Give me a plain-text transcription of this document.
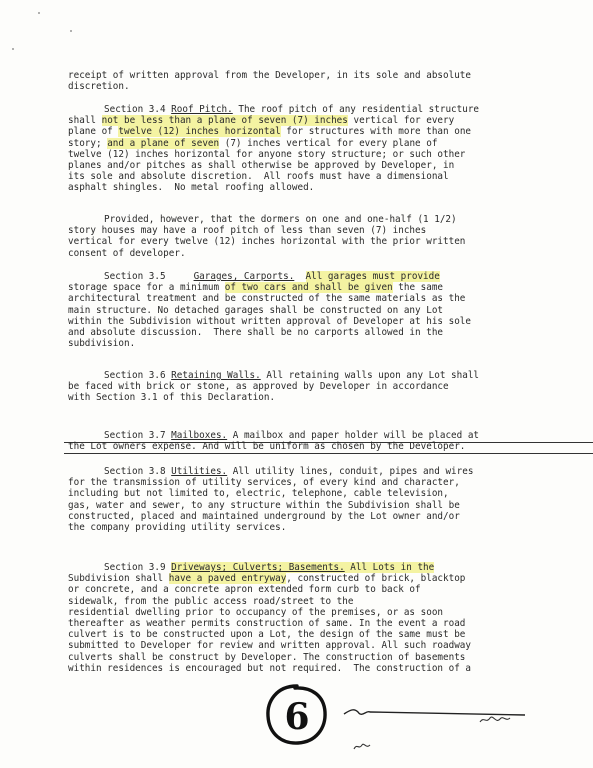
6

receipt of written approval from the Developer, in its sole and absolute

discretion.

Section 3.4 Roof Pitch. The roof pitch of any residential structure

shall not be less than a plane of seven (7) inches vertical for every

plane of twelve (12) inches horizontal for structures with more than one

story; and a plane of seven (7) inches vertical for every plane of

twelve (12) inches horizontal for anyone story structure; or such other

planes and/or pitches as shall otherwise be approved by Developer, in

its sole and absolute discretion.  All roofs must have a dimensional

asphalt shingles.  No metal roofing allowed.

Provided, however, that the dormers on one and one-half (1 1/2)

story houses may have a roof pitch of less than seven (7) inches

vertical for every twelve (12) inches horizontal with the prior written

consent of developer.

Section 3.5     Garages, Carports. All garages must provide

storage space for a minimum of two cars and shall be given the same

architectural treatment and be constructed of the same materials as the

main structure. No detached garages shall be constructed on any Lot

within the Subdivision without written approval of Developer at his sole

and absolute discussion.  There shall be no carports allowed in the

subdivision.

Section 3.6 Retaining Walls. All retaining walls upon any Lot shall

be faced with brick or stone, as approved by Developer in accordance

with Section 3.1 of this Declaration.

Section 3.7 Mailboxes. A mailbox and paper holder will be placed at

the Lot owners expense. And will be uniform as chosen by the Developer.

Section 3.8 Utilities. All utility lines, conduit, pipes and wires

for the transmission of utility services, of every kind and character,

including but not limited to, electric, telephone, cable television,

gas, water and sewer, to any structure within the Subdivision shall be

constructed, placed and maintained underground by the Lot owner and/or

the company providing utility services.

Section 3.9 Driveways; Culverts; Basements. All Lots in the

Subdivision shall have a paved entryway, constructed of brick, blacktop

or concrete, and a concrete apron extended form curb to back of

sidewalk, from the public access road/street to the

residential dwelling prior to occupancy of the premises, or as soon

thereafter as weather permits construction of same. In the event a road

culvert is to be constructed upon a Lot, the design of the same must be

submitted to Developer for review and written approval. All such roadway

culverts shall be construct by Developer. The construction of basements

within residences is encouraged but not required.  The construction of a
